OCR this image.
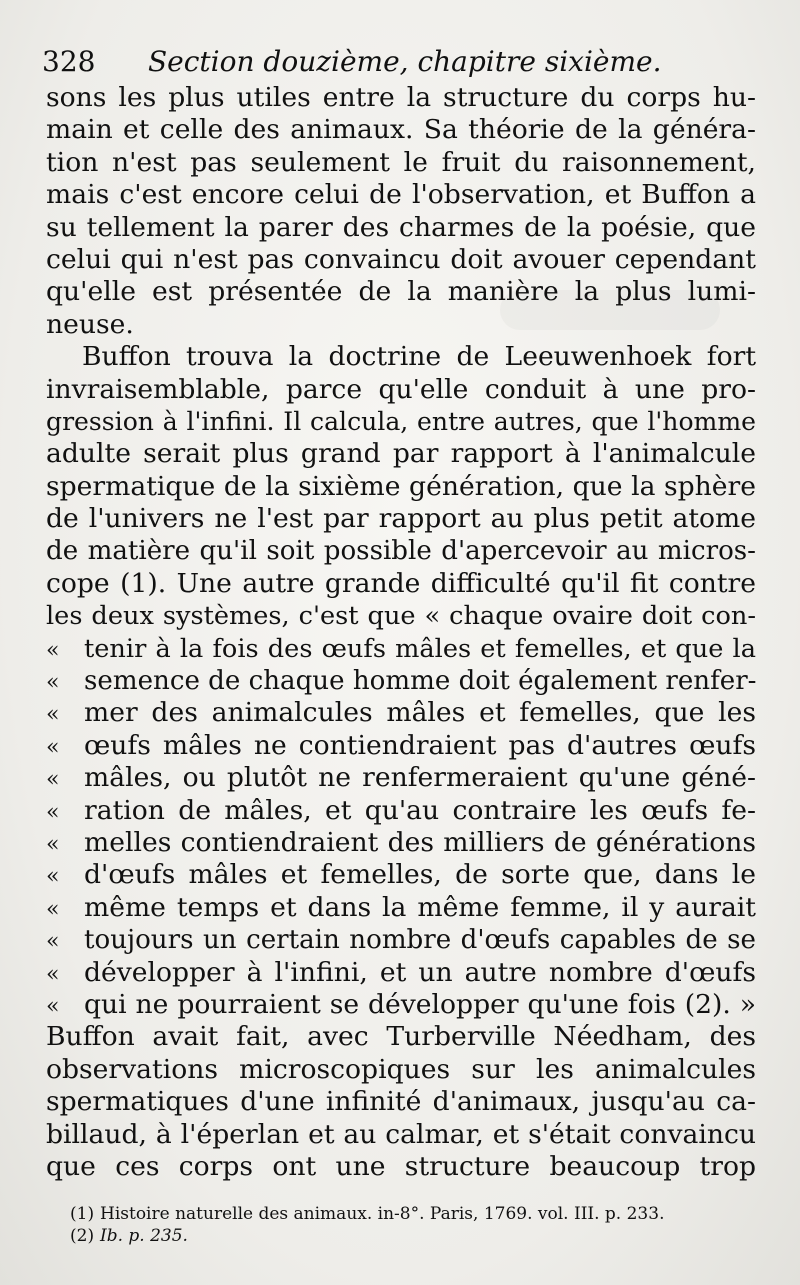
328 Section douzième, chapitre sixième.
sons les plus utiles entre la structure du corps hu-
main et celle des animaux. Sa théorie de la généra-
tion n'est pas seulement le fruit du raisonnement,
mais c'est encore celui de l'observation, et Buffon a
su tellement la parer des charmes de la poésie, que
celui qui n'est pas convaincu doit avouer cependant
qu'elle est présentée de la manière la plus lumi-
neuse.
Buffon trouva la doctrine de Leeuwenhoek fort
invraisemblable, parce qu'elle conduit à une pro-
gression à l'infini. Il calcula, entre autres, que l'homme
adulte serait plus grand par rapport à l'animalcule
spermatique de la sixième génération, que la sphère
de l'univers ne l'est par rapport au plus petit atome
de matière qu'il soit possible d'apercevoir au micros-
cope (1). Une autre grande difficulté qu'il fit contre
les deux systèmes, c'est que « chaque ovaire doit con-
« tenir à la fois des œufs mâles et femelles, et que la
« semence de chaque homme doit également renfer-
« mer des animalcules mâles et femelles, que les
« œufs mâles ne contiendraient pas d'autres œufs
« mâles, ou plutôt ne renfermeraient qu'une géné-
« ration de mâles, et qu'au contraire les œufs fe-
« melles contiendraient des milliers de générations
« d'œufs mâles et femelles, de sorte que, dans le
« même temps et dans la même femme, il y aurait
« toujours un certain nombre d'œufs capables de se
« développer à l'infini, et un autre nombre d'œufs
« qui ne pourraient se développer qu'une fois (2). »
Buffon avait fait, avec Turberville Néedham, des
observations microscopiques sur les animalcules
spermatiques d'une infinité d'animaux, jusqu'au ca-
billaud, à l'éperlan et au calmar, et s'était convaincu
que ces corps ont une structure beaucoup trop
(1) Histoire naturelle des animaux. in-8°. Paris, 1769. vol. III. p. 233.
(2) Ib. p. 235.
